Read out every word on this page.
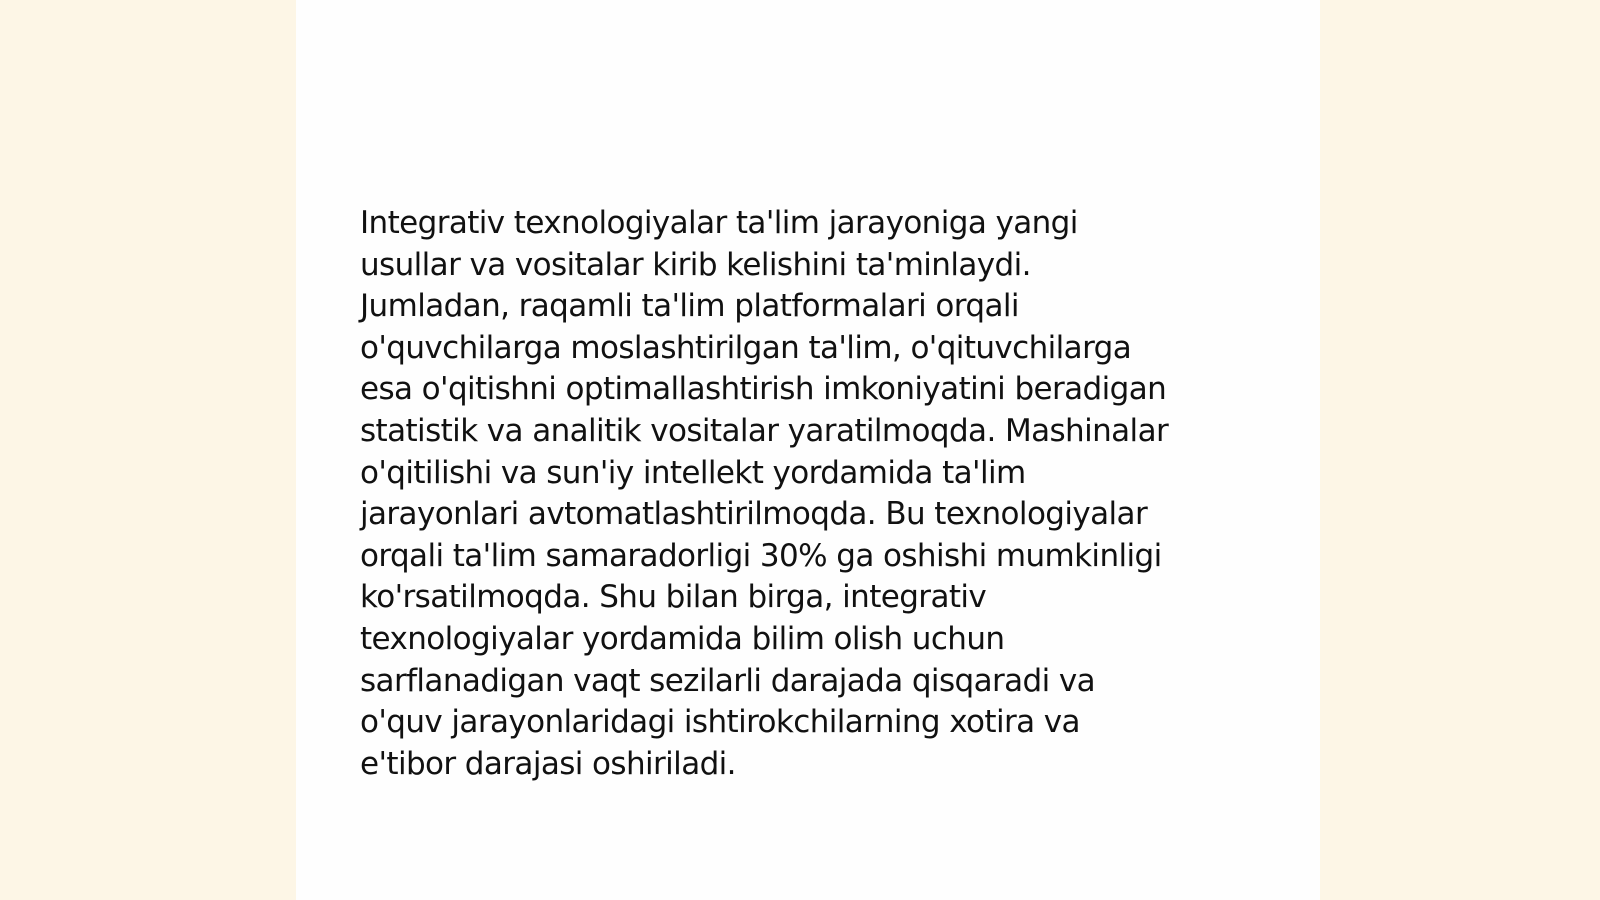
Integrativ texnologiyalar ta'lim jarayoniga yangi
usullar va vositalar kirib kelishini ta'minlaydi.
Jumladan, raqamli ta'lim platformalari orqali
o'quvchilarga moslashtirilgan ta'lim, o'qituvchilarga
esa o'qitishni optimallashtirish imkoniyatini beradigan
statistik va analitik vositalar yaratilmoqda. Mashinalar
o'qitilishi va sun'iy intellekt yordamida ta'lim
jarayonlari avtomatlashtirilmoqda. Bu texnologiyalar
orqali ta'lim samaradorligi 30% ga oshishi mumkinligi
ko'rsatilmoqda. Shu bilan birga, integrativ
texnologiyalar yordamida bilim olish uchun
sarflanadigan vaqt sezilarli darajada qisqaradi va
o'quv jarayonlaridagi ishtirokchilarning xotira va
e'tibor darajasi oshiriladi.
